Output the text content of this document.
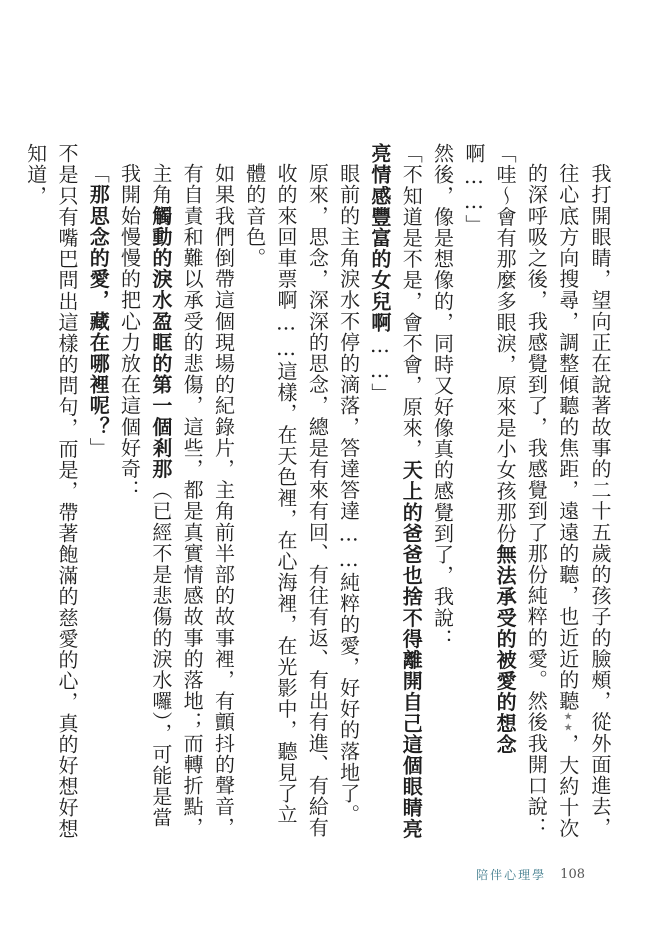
我打開眼睛，望向正在說著故事的二十五歲的孩子的臉頰，從外面進去，往心底方向搜尋，調整傾聽的焦距，遠遠的聽，也近近的聽★★，大約十次的深呼吸之後，我感覺到了，我感覺到了那份純粹的愛。然後我開口說：

「哇～會有那麼多眼淚，原來是小女孩那份無法承受的被愛的想念啊……」

然後，像是想像的，同時又好像真的感覺到了，我說：

「不知道是不是，會不會，原來，天上的爸爸也捨不得離開自己這個眼睛亮亮情感豐富的女兒啊……」

眼前的主角淚水不停的滴落，答達答達……純粹的愛，好好的落地了。原來，思念，深深的思念，總是有來有回、有往有返、有出有進、有給有收的來回車票啊……這樣，在天色裡，在心海裡，在光影中，聽見了立體的音色。

如果我們倒帶這個現場的紀錄片，主角前半部的故事裡，有顫抖的聲音，有自責和難以承受的悲傷，這些，都是真實情感故事的落地；而轉折點，主角觸動的淚水盈眶的第一個剎那（已經不是悲傷的淚水囉），可能是當我開始慢慢的把心力放在這個好奇：

「那思念的愛，藏在哪裡呢？」

不是只有嘴巴問出這樣的問句，而是，帶著飽滿的慈愛的心，真的好想好想知道，

陪伴心理學 108
